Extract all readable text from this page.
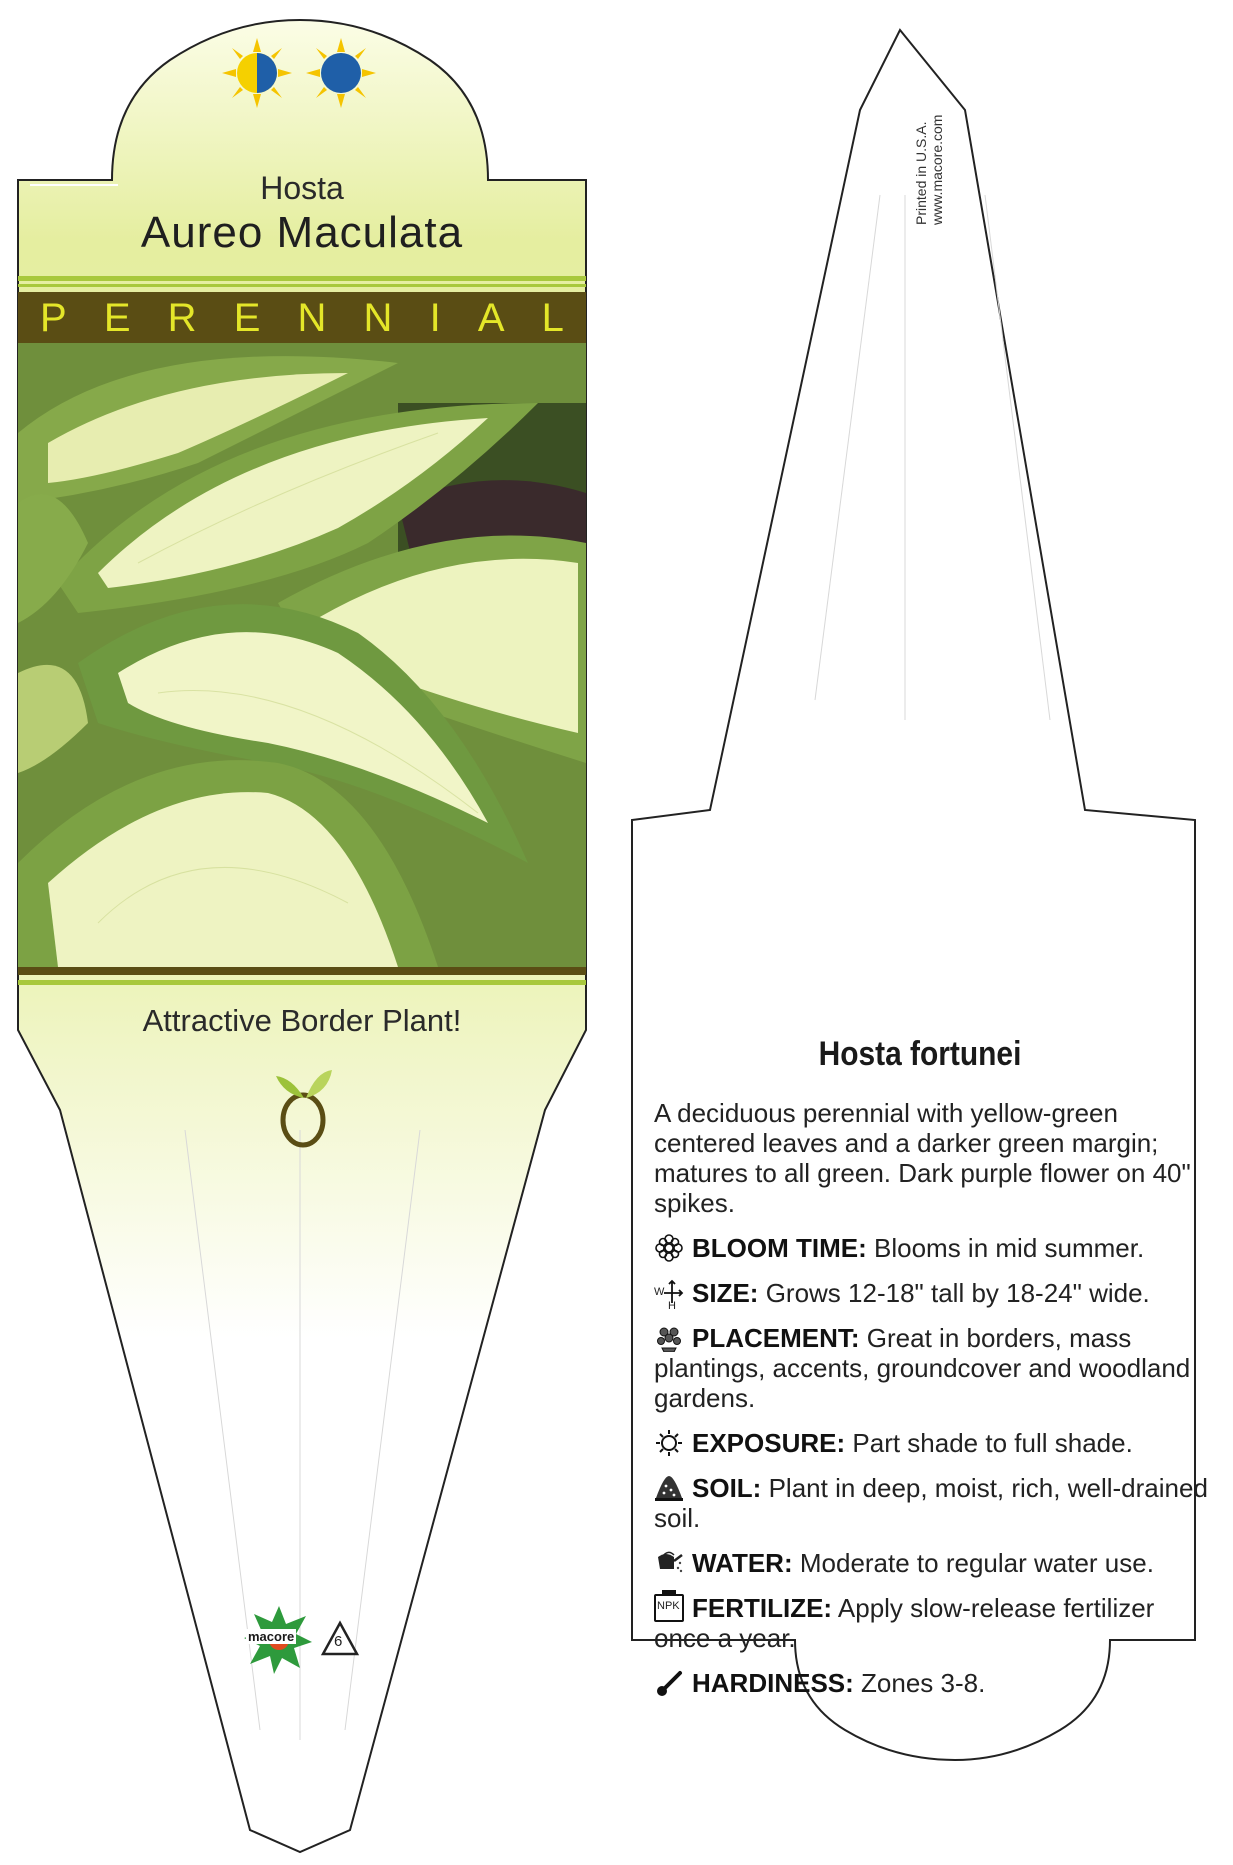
Hosta
Aureo Maculata
P E R E N N I A L
Attractive Border Plant!
macore	6
Printed in U.S.A. www.macore.com
Hosta fortunei

A deciduous perennial with yellow-green centered leaves and a darker green margin; matures to all green. Dark purple flower on 40" spikes.

BLOOM TIME: Blooms in mid summer.

W
H SIZE: Grows 12-18" tall by 18-24" wide.

PLACEMENT: Great in borders, mass plantings, accents, groundcover and woodland gardens.

EXPOSURE: Part shade to full shade.

SOIL: Plant in deep, moist, rich, well-drained soil.

WATER: Moderate to regular water use.

NPK FERTILIZE: Apply slow-release fertilizer once a year.

HARDINESS: Zones 3-8.
